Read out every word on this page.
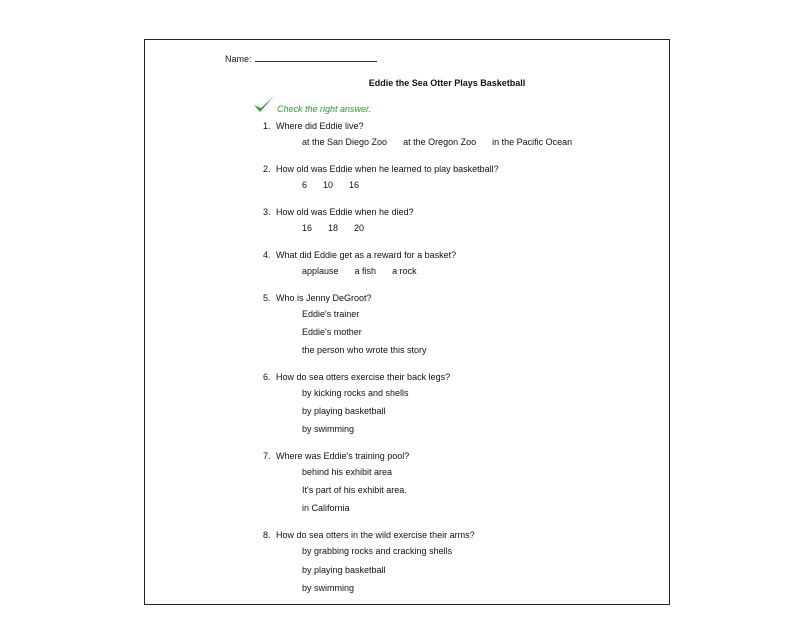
Name:
Eddie the Sea Otter Plays Basketball
Check the right answer.
1. Where did Eddie live?
at the San Diego Zoo at the Oregon Zoo in the Pacific Ocean
2. How old was Eddie when he learned to play basketball?
6 10 16
3. How old was Eddie when he died?
16 18 20
4. What did Eddie get as a reward for a basket?
applause a fish a rock
5. Who is Jenny DeGroot?
Eddie's trainer
Eddie's mother
the person who wrote this story
6. How do sea otters exercise their back legs?
by kicking rocks and shells
by playing basketball
by swimming
7. Where was Eddie's training pool?
behind his exhibit area
It's part of his exhibit area.
in California
8. How do sea otters in the wild exercise their arms?
by grabbing rocks and cracking shells
by playing basketball
by swimming
